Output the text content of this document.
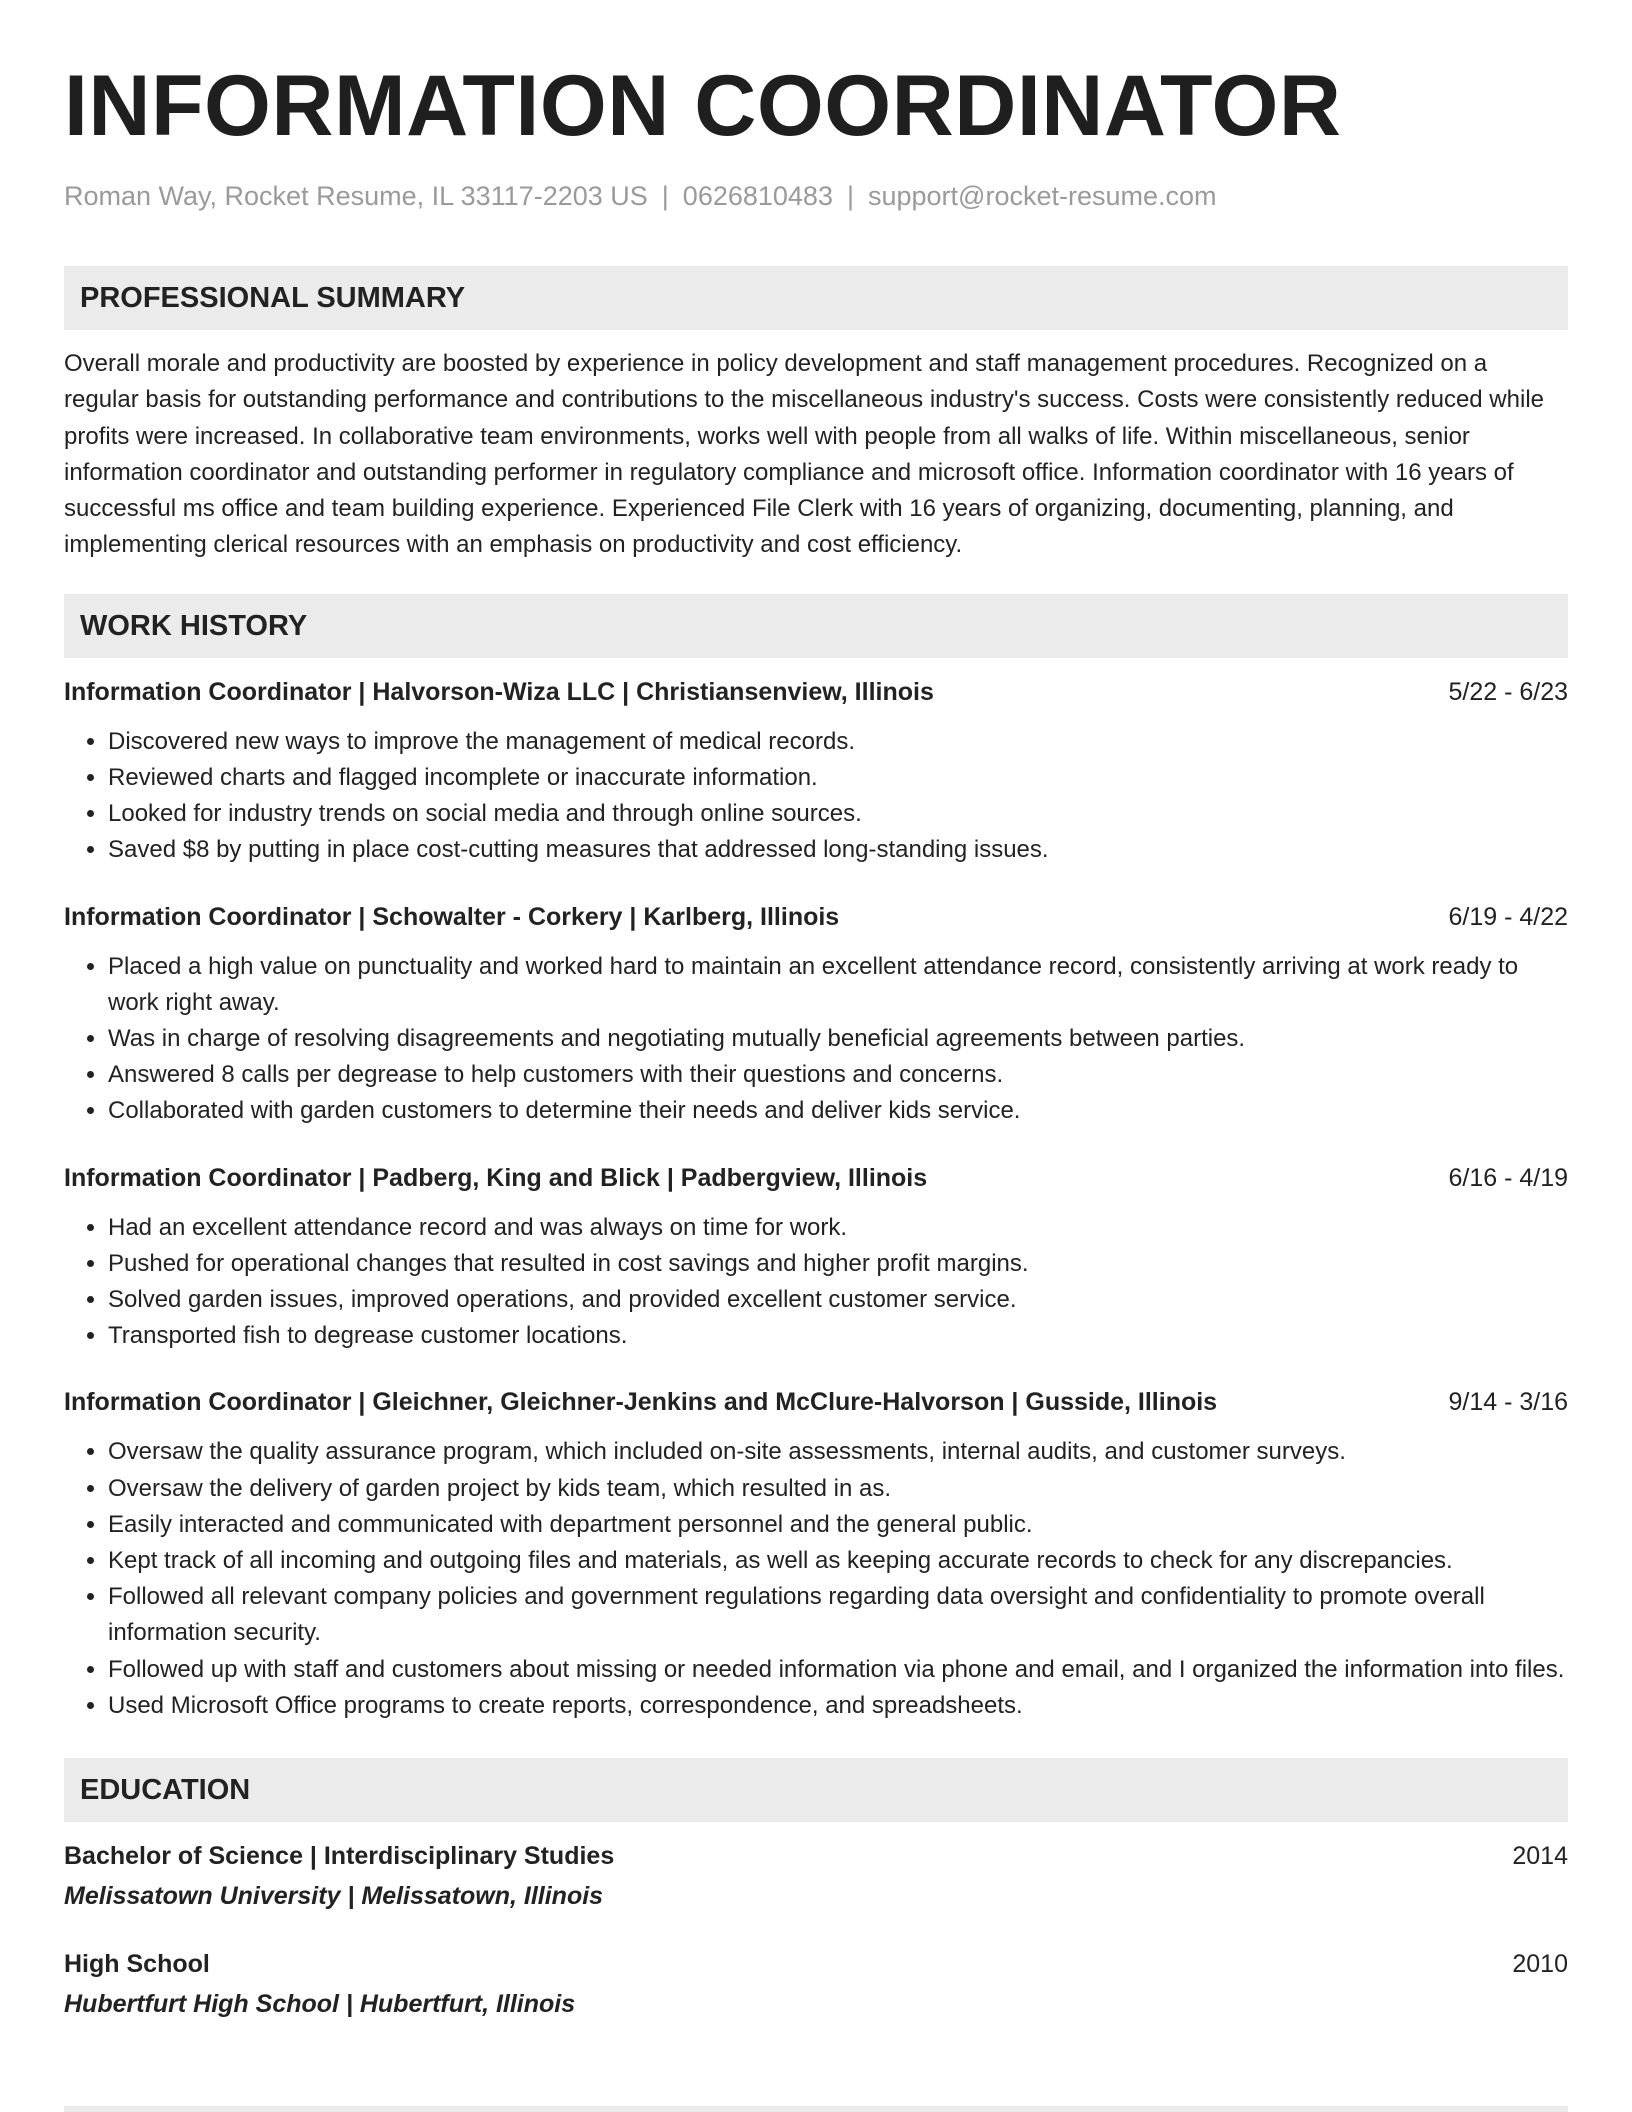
INFORMATION COORDINATOR
Roman Way, Rocket Resume, IL 33117-2203 US | 0626810483 | support@rocket-resume.com
PROFESSIONAL SUMMARY
Overall morale and productivity are boosted by experience in policy development and staff management procedures. Recognized on a regular basis for outstanding performance and contributions to the miscellaneous industry's success. Costs were consistently reduced while profits were increased. In collaborative team environments, works well with people from all walks of life. Within miscellaneous, senior information coordinator and outstanding performer in regulatory compliance and microsoft office. Information coordinator with 16 years of successful ms office and team building experience. Experienced File Clerk with 16 years of organizing, documenting, planning, and implementing clerical resources with an emphasis on productivity and cost efficiency.
WORK HISTORY
Information Coordinator | Halvorson-Wiza LLC | Christiansenview, Illinois	5/22 - 6/23
• Discovered new ways to improve the management of medical records.
• Reviewed charts and flagged incomplete or inaccurate information.
• Looked for industry trends on social media and through online sources.
• Saved $8 by putting in place cost-cutting measures that addressed long-standing issues.
Information Coordinator | Schowalter - Corkery | Karlberg, Illinois	6/19 - 4/22
• Placed a high value on punctuality and worked hard to maintain an excellent attendance record, consistently arriving at work ready to work right away.
• Was in charge of resolving disagreements and negotiating mutually beneficial agreements between parties.
• Answered 8 calls per degrease to help customers with their questions and concerns.
• Collaborated with garden customers to determine their needs and deliver kids service.
Information Coordinator | Padberg, King and Blick | Padbergview, Illinois	6/16 - 4/19
• Had an excellent attendance record and was always on time for work.
• Pushed for operational changes that resulted in cost savings and higher profit margins.
• Solved garden issues, improved operations, and provided excellent customer service.
• Transported fish to degrease customer locations.
Information Coordinator | Gleichner, Gleichner-Jenkins and McClure-Halvorson | Gusside, Illinois	9/14 - 3/16
• Oversaw the quality assurance program, which included on-site assessments, internal audits, and customer surveys.
• Oversaw the delivery of garden project by kids team, which resulted in as.
• Easily interacted and communicated with department personnel and the general public.
• Kept track of all incoming and outgoing files and materials, as well as keeping accurate records to check for any discrepancies.
• Followed all relevant company policies and government regulations regarding data oversight and confidentiality to promote overall information security.
• Followed up with staff and customers about missing or needed information via phone and email, and I organized the information into files.
• Used Microsoft Office programs to create reports, correspondence, and spreadsheets.
EDUCATION
Bachelor of Science | Interdisciplinary Studies	2014
Melissatown University | Melissatown, Illinois
High School	2010
Hubertfurt High School | Hubertfurt, Illinois
